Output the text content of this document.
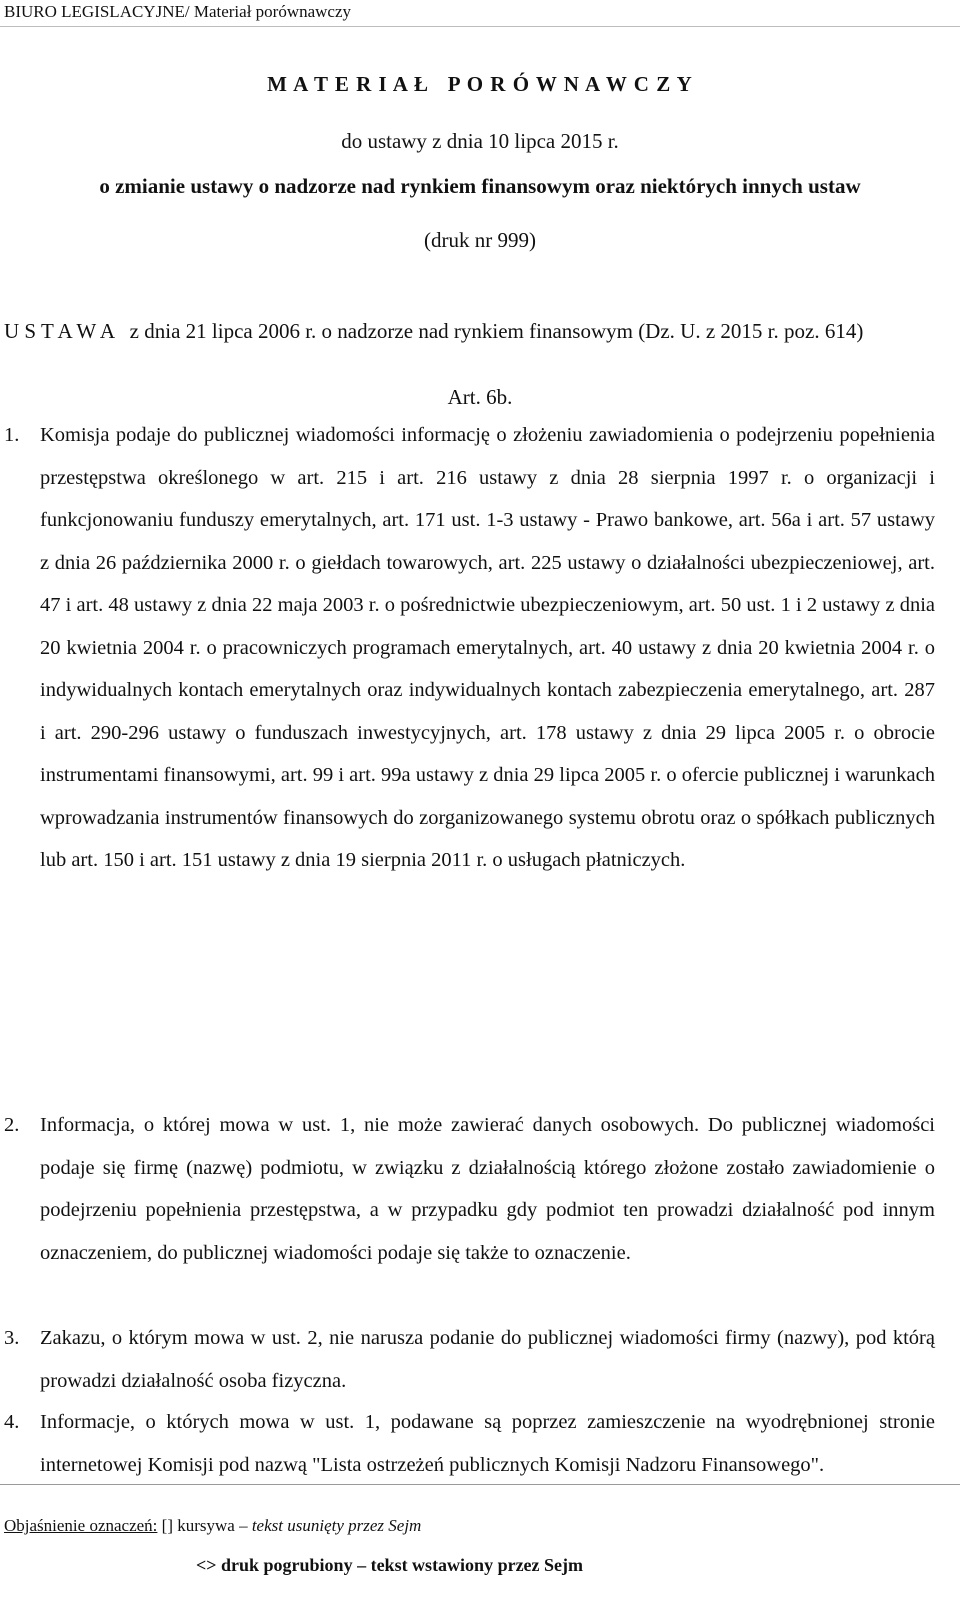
BIURO LEGISLACYJNE/ Materiał porównawczy
M A T E R I A Ł   P O R Ó W N A W C Z Y
do ustawy z dnia 10 lipca 2015 r.
o zmianie ustawy o nadzorze nad rynkiem finansowym oraz niektórych innych ustaw
(druk nr 999)
U S T A W A   z dnia 21 lipca 2006 r. o nadzorze nad rynkiem finansowym (Dz. U. z 2015 r. poz. 614)
Art. 6b.
1. Komisja podaje do publicznej wiadomości informację o złożeniu zawiadomienia o podejrzeniu popełnienia przestępstwa określonego w art. 215 i art. 216 ustawy z dnia 28 sierpnia 1997 r. o organizacji i funkcjonowaniu funduszy emerytalnych, art. 171 ust. 1-3 ustawy - Prawo bankowe, art. 56a i art. 57 ustawy z dnia 26 października 2000 r. o giełdach towarowych, art. 225 ustawy o działalności ubezpieczeniowej, art. 47 i art. 48 ustawy z dnia 22 maja 2003 r. o pośrednictwie ubezpieczeniowym, art. 50 ust. 1 i 2 ustawy z dnia 20 kwietnia 2004 r. o pracowniczych programach emerytalnych, art. 40 ustawy z dnia 20 kwietnia 2004 r. o indywidualnych kontach emerytalnych oraz indywidualnych kontach zabezpieczenia emerytalnego, art. 287 i art. 290-296 ustawy o funduszach inwestycyjnych, art. 178 ustawy z dnia 29 lipca 2005 r. o obrocie instrumentami finansowymi, art. 99 i art. 99a ustawy z dnia 29 lipca 2005 r. o ofercie publicznej i warunkach wprowadzania instrumentów finansowych do zorganizowanego systemu obrotu oraz o spółkach publicznych lub art. 150 i art. 151 ustawy z dnia 19 sierpnia 2011 r. o usługach płatniczych.
2. Informacja, o której mowa w ust. 1, nie może zawierać danych osobowych. Do publicznej wiadomości podaje się firmę (nazwę) podmiotu, w związku z działalnością którego złożone zostało zawiadomienie o podejrzeniu popełnienia przestępstwa, a w przypadku gdy podmiot ten prowadzi działalność pod innym oznaczeniem, do publicznej wiadomości podaje się także to oznaczenie.
3. Zakazu, o którym mowa w ust. 2, nie narusza podanie do publicznej wiadomości firmy (nazwy), pod którą prowadzi działalność osoba fizyczna.
4. Informacje, o których mowa w ust. 1, podawane są poprzez zamieszczenie na wyodrębnionej stronie internetowej Komisji pod nazwą "Lista ostrzeżeń publicznych Komisji Nadzoru Finansowego".
Objaśnienie oznaczeń: [] kursywa – tekst usunięty przez Sejm
<> druk pogrubiony – tekst wstawiony przez Sejm
